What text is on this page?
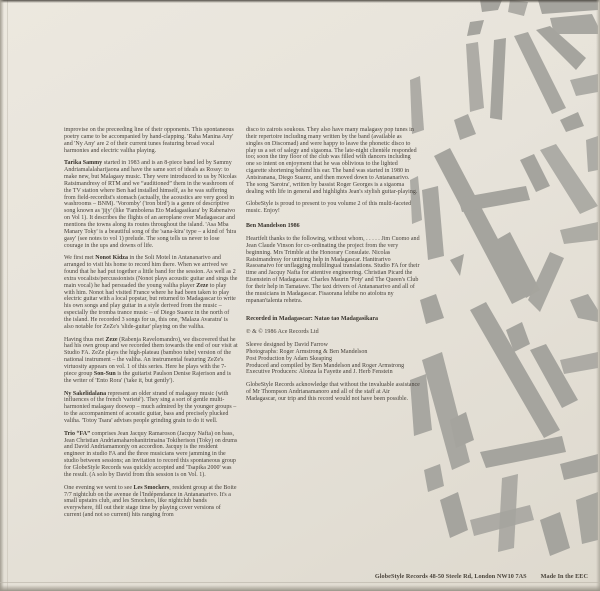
improvise on the preceeding line of their opponents. This spontaneous poetry came to be accompanied by hand-clapping. 'Raha Manina Any' and 'Ny Any' are 2 of their current tunes featuring broad vocal harmonies and electric valiha playing.

Tarika Sammy started in 1983 and is an 8-piece band led by Sammy Andriamalalaharijaona and have the same sort of ideals as Rossy: to make new, but Malagasy music. They were introduced to us by Nicolas Ratsimandresy of RTM and we “auditioned” them in the washroom of the TV station where Ben had installed himself, as he was suffering from field-recordist's stomach (actually, the acoustics are very good in washrooms – BNM). 'Voromby' ('iron bird') is a genre of descriptive song known as 'jijy' (like 'Fambolena Eto Madagasikara' by Rabenaivo on Vol 1). It describes the flights of an aeroplane over Madagascar and mentions the towns along its routes throughout the island. 'Asa Mba Manary Toky' is a beautiful song of the 'sana-kira' type – a kind of 'hira gasy' (see notes to vol 1) prelude. The song tells us never to lose courage in the ups and downs of life.

We first met Nonot Kidza in the Soli Motel in Antananarivo and arranged to visit his home to record him there. When we arrived we found that he had put together a little band for the session. As well as 2 extra vocalists/percussionists (Nonot plays acoustic guitar and sings the main vocal) he had persuaded the young valiha player Zeze to play with him. Nonot had visited France where he had been taken to play electric guitar with a local popstar, but returned to Madagascar to write his own songs and play guitar in a style derived from the music – especially the tromba trance music – of Diego Suarez in the north of the island. He recorded 3 songs for us, this one, 'Malaza Avaratra' is also notable for ZeZe's 'slide-guitar' playing on the valiha.

Having thus met Zeze (Rabenja Ravelomandro), we discovered that he had his own group and we recorded them towards the end of our visit at Studio FA. ZeZe plays the high-plateau (bamboo tube) version of the national instrument – the valiha. An instrumental featuring ZeZe's virtuosity appears on vol. 1 of this series. Here he plays with the 7-piece group Son-Sun is the guitarist Paulson Denise Rajerison and is the writer of 'Ento Rora' ('take it, but gently').

Ny Sakelidalana represent an older strand of malagasy music (with influences of the french 'varieté'). They sing a sort of gentle multi-harmonied malagasy doowop – much admired by the younger groups – to the accompaniment of acoustic guitar, bass and precisely plucked valiha. 'Totoy Tsara' advises people grinding grain to do it well.

Trio “FA” comprises Jean Jacquy Ramaroson (Jacquy Nafta) on bass, Jean Christian Andriamaharohanitrimaina Tokiherison (Toky) on drums and David Andriamamonjy on accordion. Jacquy is the resident engineer in studio FA and the three musicians were jamming in the studio between sessions; an invitation to record this spontaneous group for GlobeStyle Records was quickly accepted and 'Tsapika 2000' was the result. (A solo by David from this session is on Vol. 1).

One evening we went to see Les Smockers, resident group at the Boite 7/7 nightclub on the avenue de l'Indépendance in Antananarivo. It's a small upstairs club, and les Smockers, like nightclub bands everywhere, fill out their stage time by playing cover versions of current (and not so current) hits ranging from

disco to zairois soukous. They also have many malagasy pop tunes in their repertoire including many written by the band (available as singles on Discomad) and were happy to leave the phonetic disco to play us a set of salegy and sigaoma. The late-night clientèle responded too; soon the tiny floor of the club was filled with dancers including one so intent on enjoyment that he was oblivious to the lighted cigarette shortening behind his ear. The band was started in 1980 in Antsiranana, Diego Suarez, and then moved down to Antananarivo. The song 'Sarotra', written by bassist Roger Georges is a sigaoma dealing with life in general and highlights Jean's stylish guitar-playing.

GlobeStyle is proud to present to you volume 2 of this multi-faceted music. Enjoy!

Ben Mandelson 1986

Heartfelt thanks to the following, without whom, . . . . . Jim Cuomo and Jean Claude Vinson for co-ordinating the project from the very beginning. Mrs Trimble at the Honorary Consulate. Nicolas Ratsimandresy for untiring help in Madagascar. Hanitrarivo Rasoanaivo for unflagging multilingual translations. Studio FA for their time and Jacquy Nafta for attentive engineering. Christian Picard the Eisenstein of Madagascar. Charles Maurin 'Poty' and The Queen's Club for their help in Tamatave. The taxi drivers of Antananarivo and all of the musicians in Madagascar. Fisaorana lehibe no atolotra ny mpanan'talenta rehetra.

Recorded in Madagascar: Natao tao Madagasikara

℗ & © 1986 Ace Records Ltd

Sleeve designed by David Farrow

Photographs: Roger Armstrong & Ben Mandelson

Post Production by Adam Skeaping

Produced and compiled by Ben Mandelson and Roger Armstrong

Executive Producers: Alonza la Fayette and J. Herb Fenstein

GlobeStyle Records acknowledge that without the invaluable assistance of Mr Thompson Andrianamanoro and all of the staff at Air Madagascar, our trip and this record would not have been possible.

GlobeStyle Records 48-50 Steele Rd, London NW10 7AS Made In the EEC
